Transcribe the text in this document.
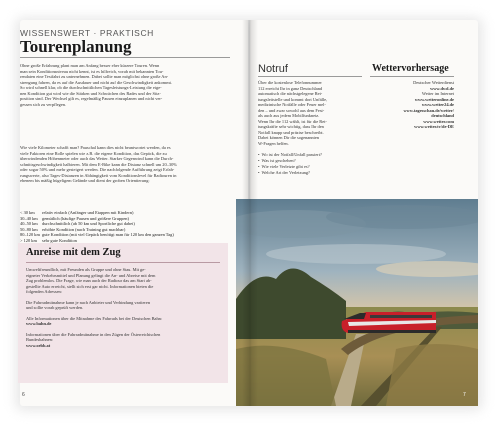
WISSENSWERT · PRAKTISCH
Tourenplanung
Ohne große Erfahrung plant man am Anfang besser eher kürzere Touren. Wenn
man sein Konditionsniveau nicht kennt, ist es hilfreich, vorab mit bekannten Tou-
rendaten eine Testfahrt zu unternehmen. Dabei sollte man möglichst ohne große An-
strengung fahren, da es auf die Ausdauer und nicht auf die Geschwindigkeit ankommt.
So wird schnell klar, ob die durchschnittlichen Tagesleistungs-Leistung die eige-
nen Kondition gut wird wie die Stärken und Schwächen des Rades und der Sitz-
position sind. Der Wechsel gilt es, regelmäßig Pausen einzuplanen und nicht ver-
gessen sich zu verpflegen.
Wie viele Kilometer schafft man? Pauschal kann dies nicht beantwortet werden, da es
viele Faktoren eine Rolle spielen wie z.B. die eigene Kondition, das Gepäck, die zu
überwindenden Höhenmeter oder auch das Wetter. Starker Gegenwind kann die Durch-
schnittsgeschwindigkeit halbieren. Mit dem E-Bike kann die Distanz schnell um 20–30%
oder sogar 50% und mehr gesteigert werden. Die nachfolgende Aufführung zeigt Erfah-
rungswerte, also Tages-Distanzen in Abhängigkeit vom Konditionslevel für Radtouren in
ebenem bis mäßig hügeligem Gelände und dient der groben Orientierung:
< 30 km	relativ einfach (Anfänger und Etappen mit Kindern)
30–40 km gemütlich (häufige Pausen und größere Gruppen)
40–50 km durchschnittlich (ab 50 km und Sportliche gut dabei)
50–80 km erhöhte Kondition (nach Training gut machbar)
80–120 km gute Kondition (mit viel Gepäck benötigt man für 120 km den ganzen Tag)
> 120 km	sehr gute Kondition
Anreise mit dem Zug
Umweltfreundlich, mit Freunden als Gruppe und ohne Stau. Mit ge-
eigneter Verkehrsmittel und Planung gelingt die An- und Abreise mit dem
Zug problemlos. Die Frage, wie man auch der Radtour das am Start ab-
gestellte Auto erreicht, stellt sich erst gar nicht. Informationen bieten die
folgenden Adressen:
Die Fahrradmitnahme kann je nach Anbieter und Verbindung variieren
und sollte vorab geprüft werden.
Alle Informationen über die Mitnahme des Fahrrads bei der Deutschen Bahn:
www.bahn.de
Informationen über die Fahrradmitnahme in den Zügen der Österreichischen
Bundesbahnen:
www.oebb.at
6
Notruf	Wettervorhersage
Über die kostenlose Telefonnummer
112 erreicht Ihr in ganz Deutschland
automatisch die nächstgelegene Ret-
tungsleitstelle und kommt dort Unfälle,
medizinische Notfälle oder Feuer mel-
den – und zwar sowohl aus dem Fest-
als auch aus jedem Mobilfunknetz.
Wenn Ihr die 112 wählt, ist für die Ret-
tungskräfte sehr wichtig, dass Ihr den
Notfall knapp und präzise beschreibt.
Dabei können Dir die sogenannten
W-Fragen helfen.
• Wo ist der Notfall/Unfall passiert?
• Was ist geschehen?
• Wie viele Verletzte gibt es?
• Welche Art der Verletzung?
Deutscher Wetterdienst
www.dwd.de
Wetter im Internet
www.wetteronline.de
www.wetter24.de
www.tagesschau.de/wetter/
deutschland
www.wetter.com
www.wetter.tv/de-DE
7
